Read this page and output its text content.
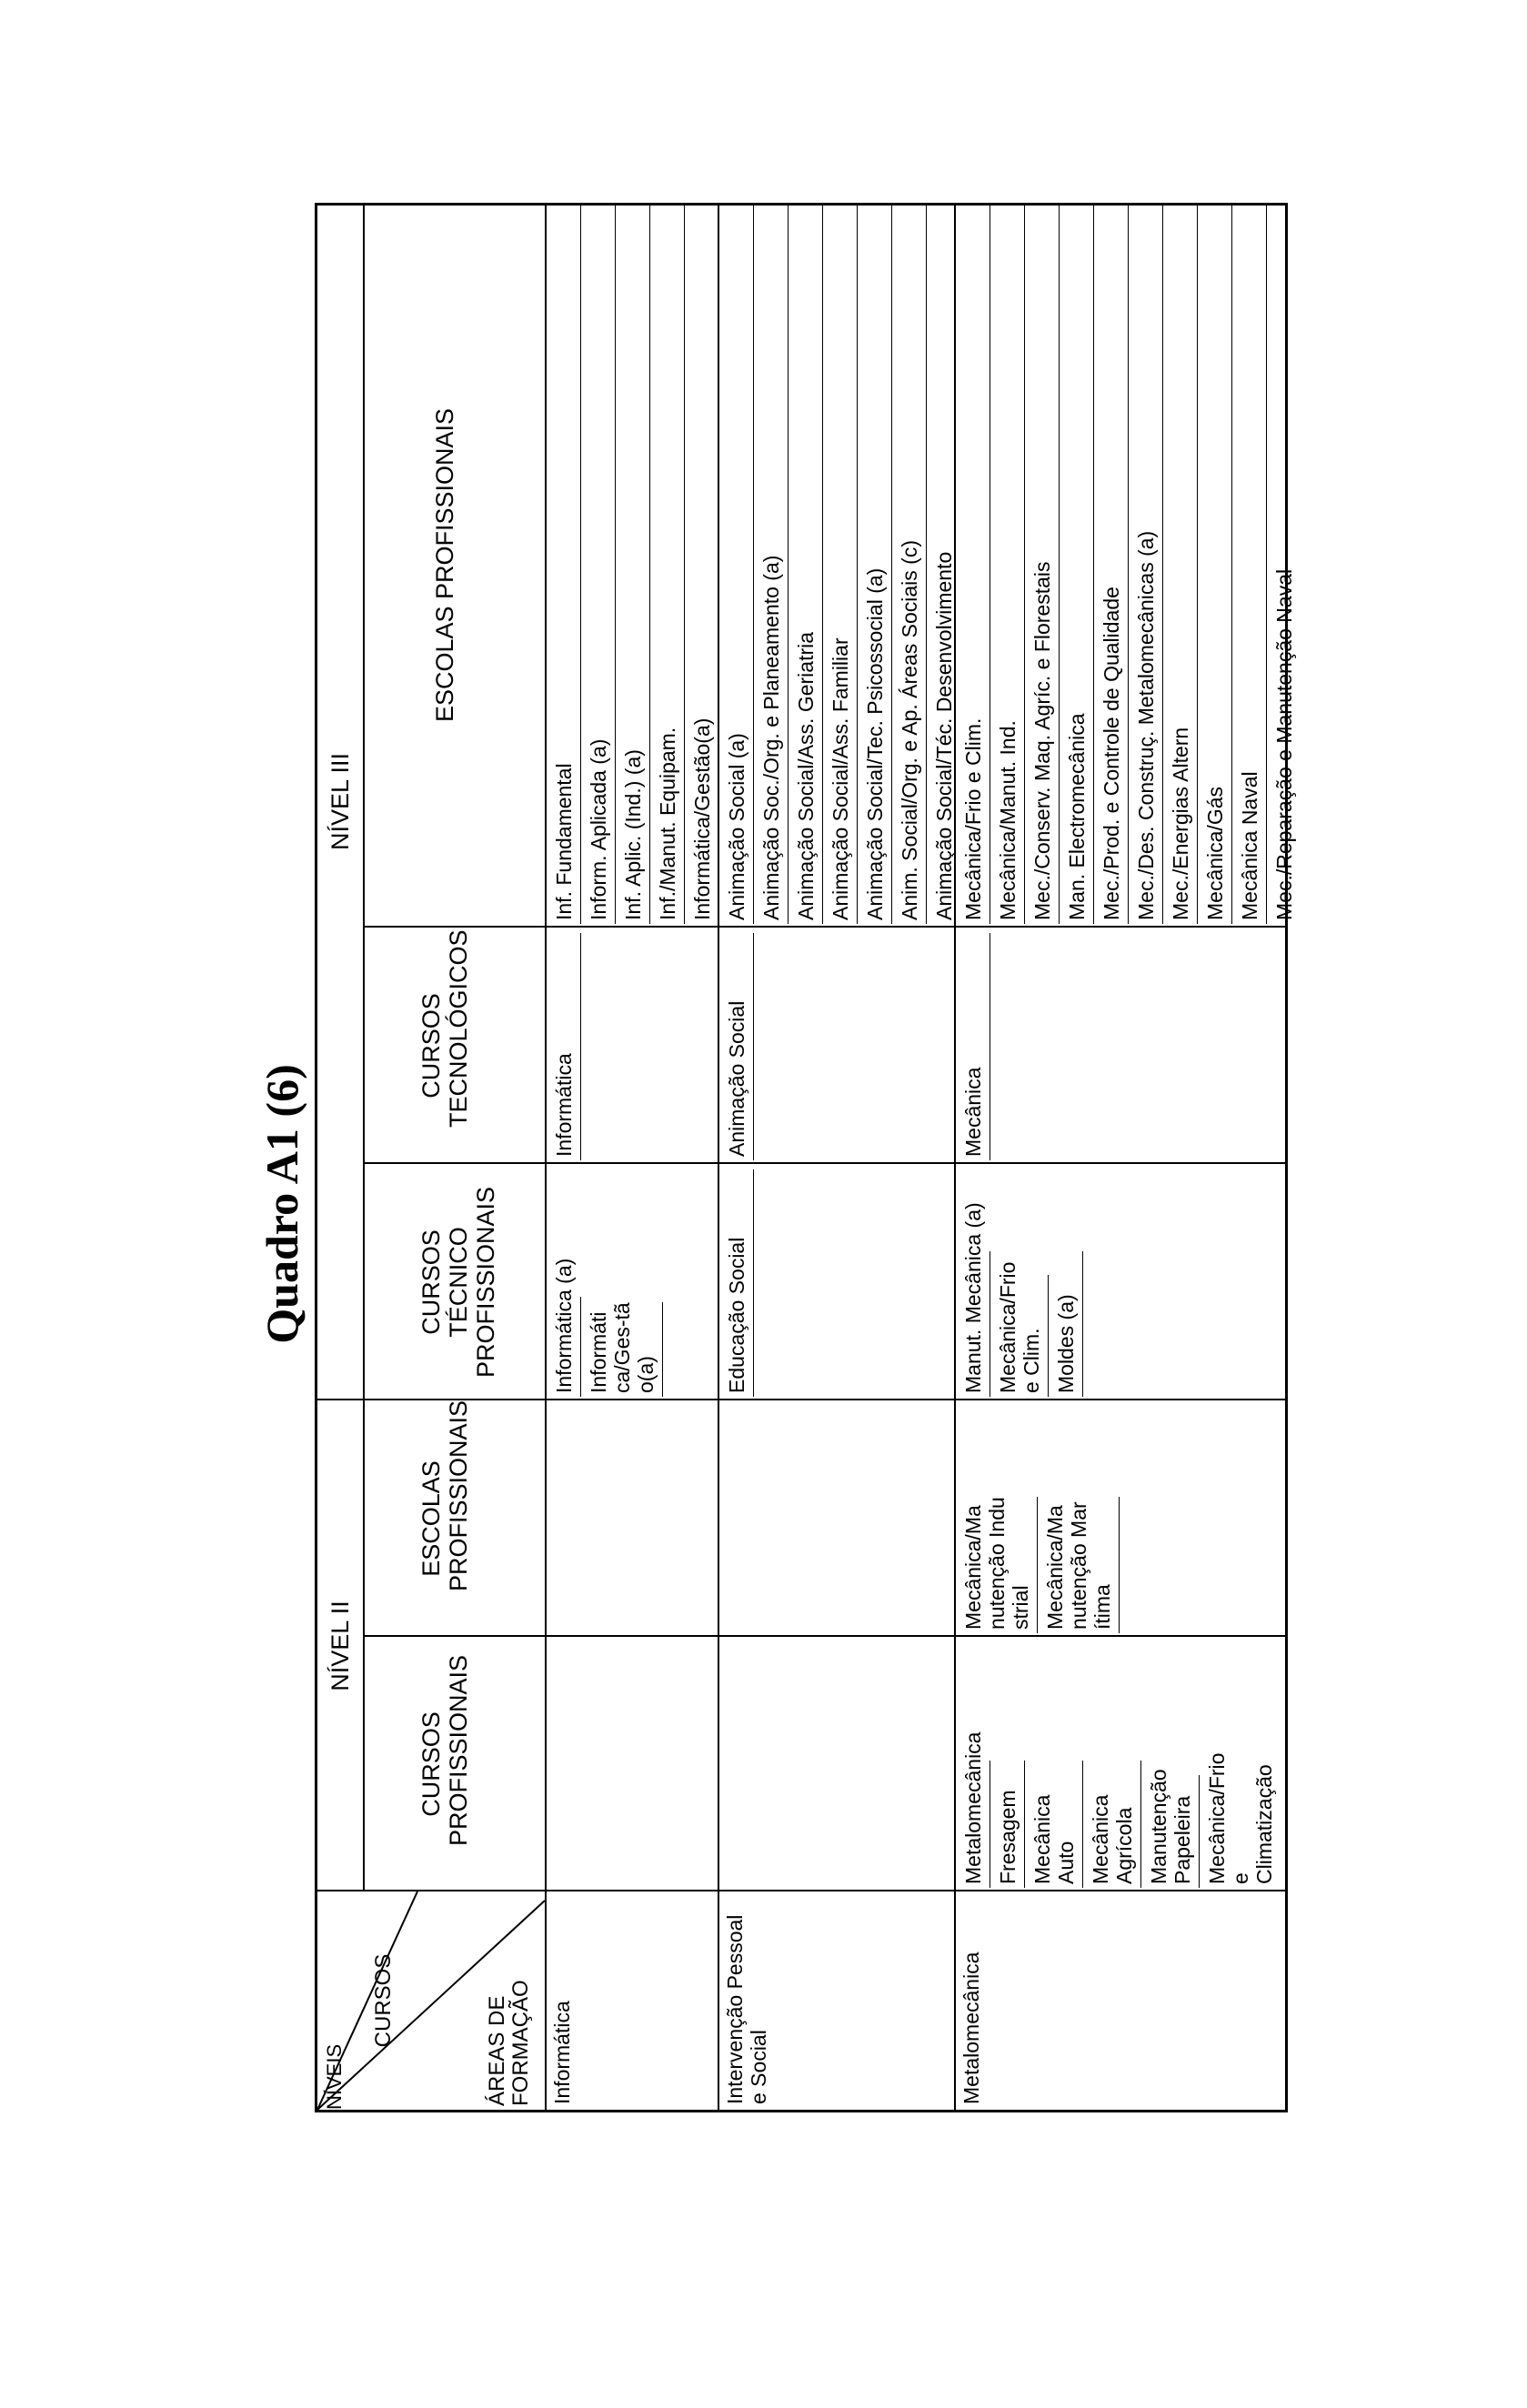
Quadro A1 (6)
NÍVEIS
CURSOS	ÁREAS DE FORMAÇÃO
NÍVEL II
NÍVEL III
CURSOS PROFISSIONAIS
ESCOLAS PROFISSIONAIS
CURSOS TÉCNICO PROFISSIONAIS
CURSOS TECNOLÓGICOS
ESCOLAS PROFISSIONAIS
Informática
Informática (a) Informática/Ges-tão(a)
Informática
Inf. Fundamental Inform. Aplicada (a) Inf. Aplic. (Ind.) (a) Inf./Manut. Equipam. Informática/Gestão(a)
Intervenção Pessoal e Social
Educação Social
Animação Social
Animação Social (a) Animação Soc./Org. e Planeamento (a) Animação Social/Ass. Geriatria Animação Social/Ass. Familiar Animação Social/Tec. Psicossocial (a) Anim. Social/Org. e Ap. Áreas Sociais (c) Animação Social/Téc. Desenvolvimento
Metalomecânica
Metalomecânica Fresagem Mecânica Auto Mecânica Agrícola Manutenção Papeleira Mecânica/Frio e Climatização
Mecânica/Manutenção Industrial Mecânica/Manutenção Marítima
Manut. Mecânica (a) Mecânica/Frio e Clim. Moldes (a)
Mecânica
Mecânica/Frio e Clim. Mecânica/Manut. Ind. Mec./Conserv. Maq. Agríc. e Florestais Man. Electromecânica Mec./Prod. e Controle de Qualidade Mec./Des. Construç. Metalomecânicas (a) Mec./Energias Altern Mecânica/Gás Mecânica Naval Mec./Reparação e Manutenção Naval
